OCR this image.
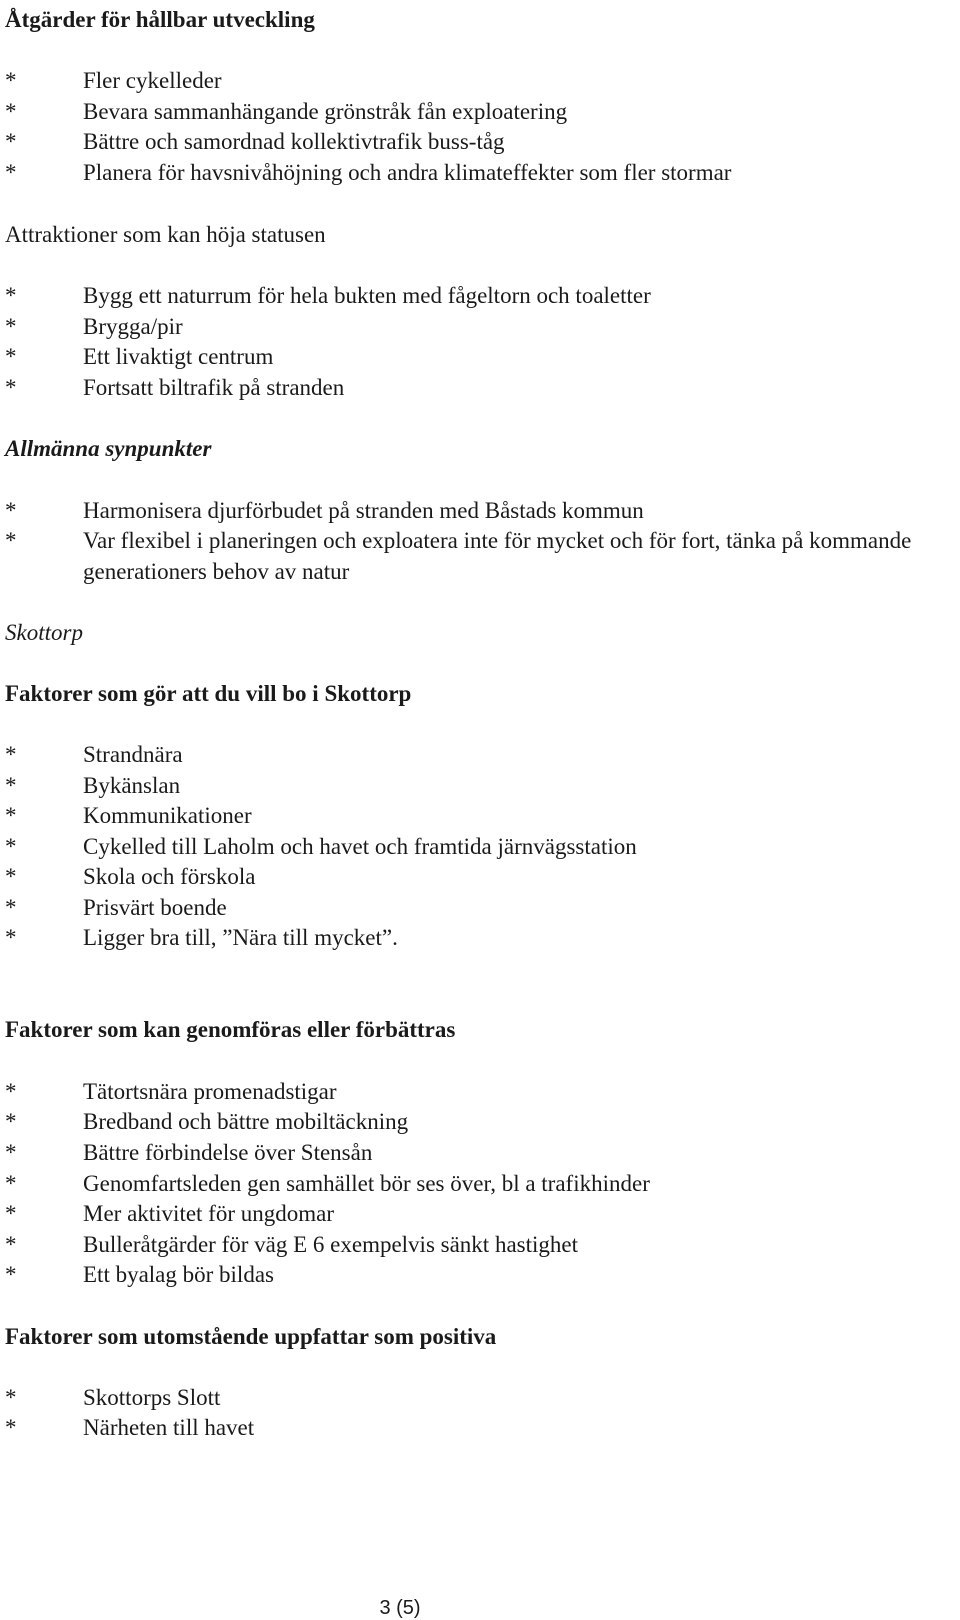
Åtgärder för hållbar utveckling
*	Fler cykelleder
*	Bevara sammanhängande grönstråk fån exploatering
*	Bättre och samordnad kollektivtrafik buss-tåg
*	Planera för havsnivåhöjning och andra klimateffekter som fler stormar
Attraktioner som kan höja statusen
*	Bygg ett naturrum för hela bukten med fågeltorn och toaletter
*	Brygga/pir
*	Ett livaktigt centrum
*	Fortsatt biltrafik på stranden
Allmänna synpunkter
*	Harmonisera djurförbudet på stranden med Båstads kommun
*	Var flexibel i planeringen och exploatera inte för mycket och för fort, tänka på kommande generationers behov av natur
Skottorp
Faktorer som gör att du vill bo i Skottorp
*	Strandnära
*	Bykänslan
*	Kommunikationer
*	Cykelled till Laholm och havet och framtida järnvägsstation
*	Skola och förskola
*	Prisvärt boende
*	Ligger bra till, ”Nära till mycket”.
Faktorer som kan genomföras eller förbättras
*	Tätortsnära promenadstigar
*	Bredband och bättre mobiltäckning
*	Bättre förbindelse över Stensån
*	Genomfartsleden gen samhället bör ses över, bl a trafikhinder
*	Mer aktivitet för ungdomar
*	Bulleråtgärder för väg E 6 exempelvis sänkt hastighet
*	Ett byalag bör bildas
Faktorer som utomstående uppfattar som positiva
*	Skottorps Slott
*	Närheten till havet
3 (5)
